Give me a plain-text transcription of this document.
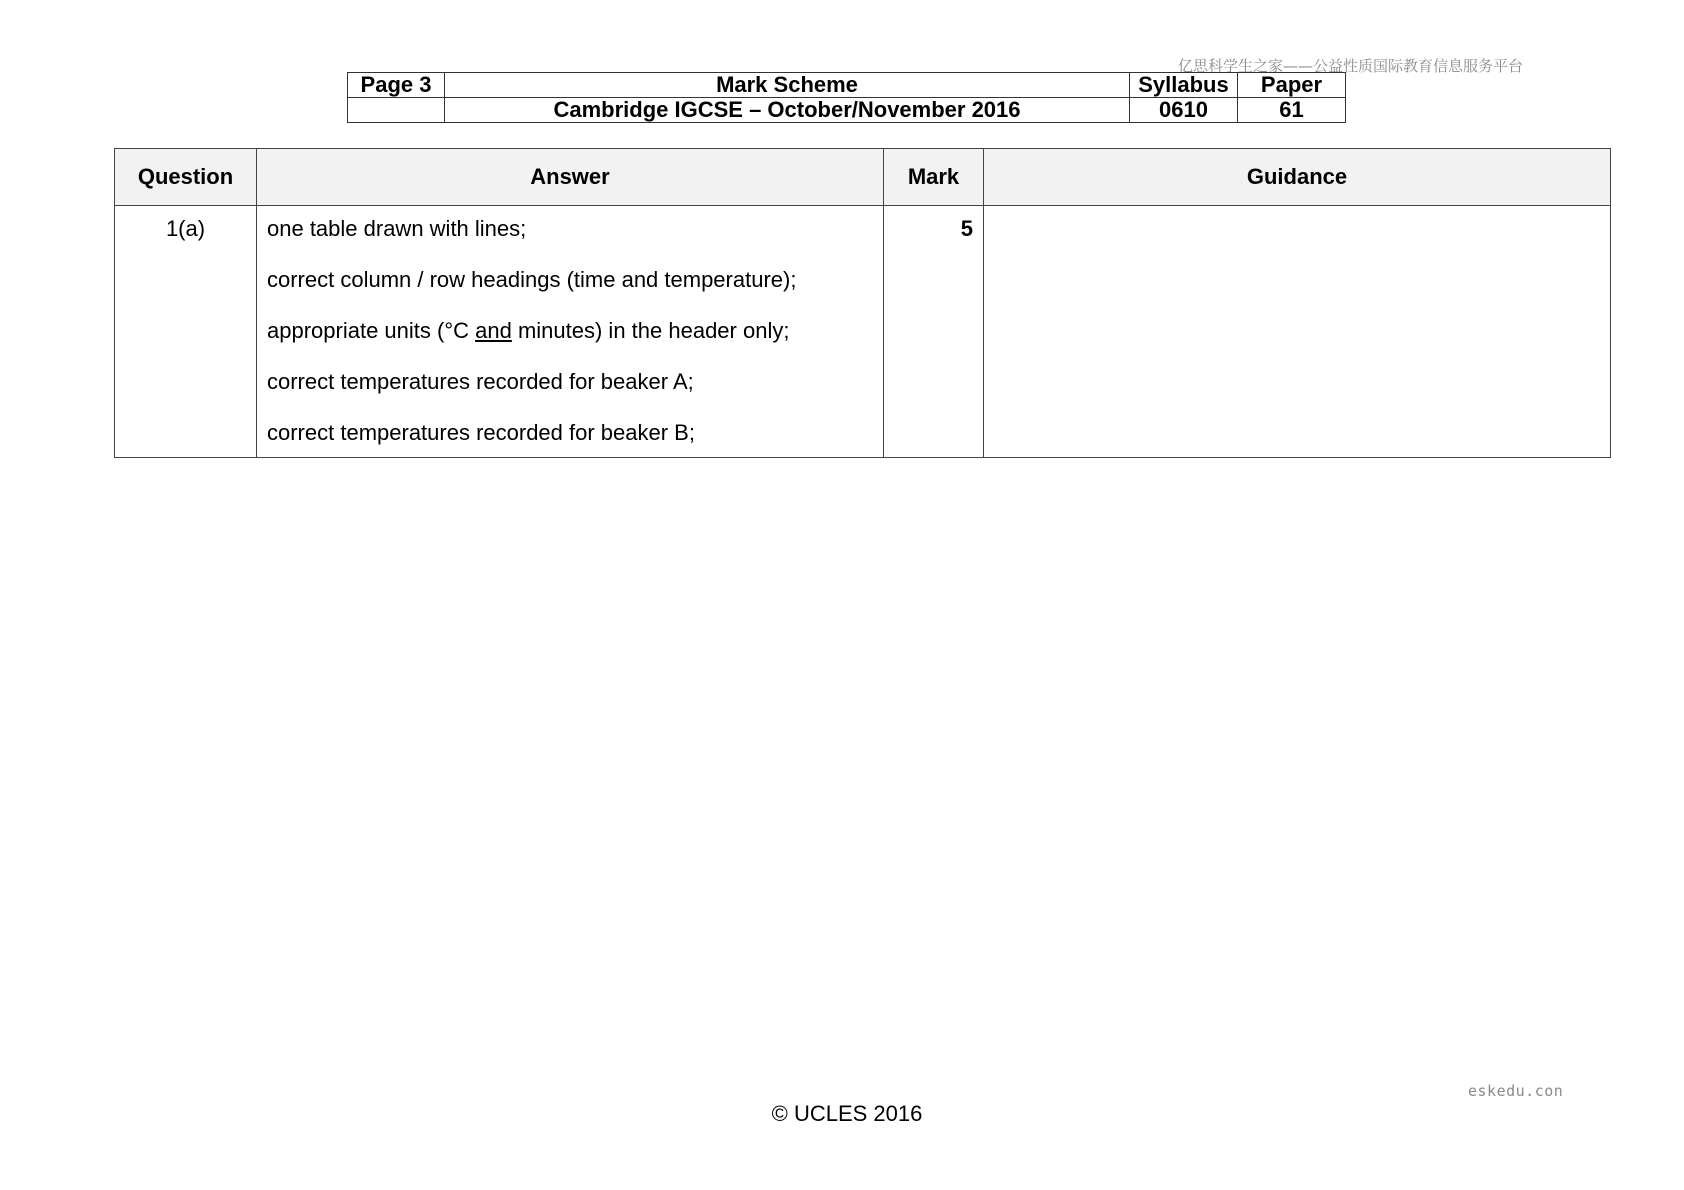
亿思科学生之家——公益性质国际教育信息服务平台
Page 3	Mark Scheme	Syllabus	Paper
	Cambridge IGCSE – October/November 2016	0610	61
Question	Answer	Mark	Guidance
1(a)	one table drawn with lines;

correct column / row headings (time and temperature);

appropriate units (°C and minutes) in the header only;

correct temperatures recorded for beaker A;

correct temperatures recorded for beaker B;	5	
eskedu.con
© UCLES 2016
